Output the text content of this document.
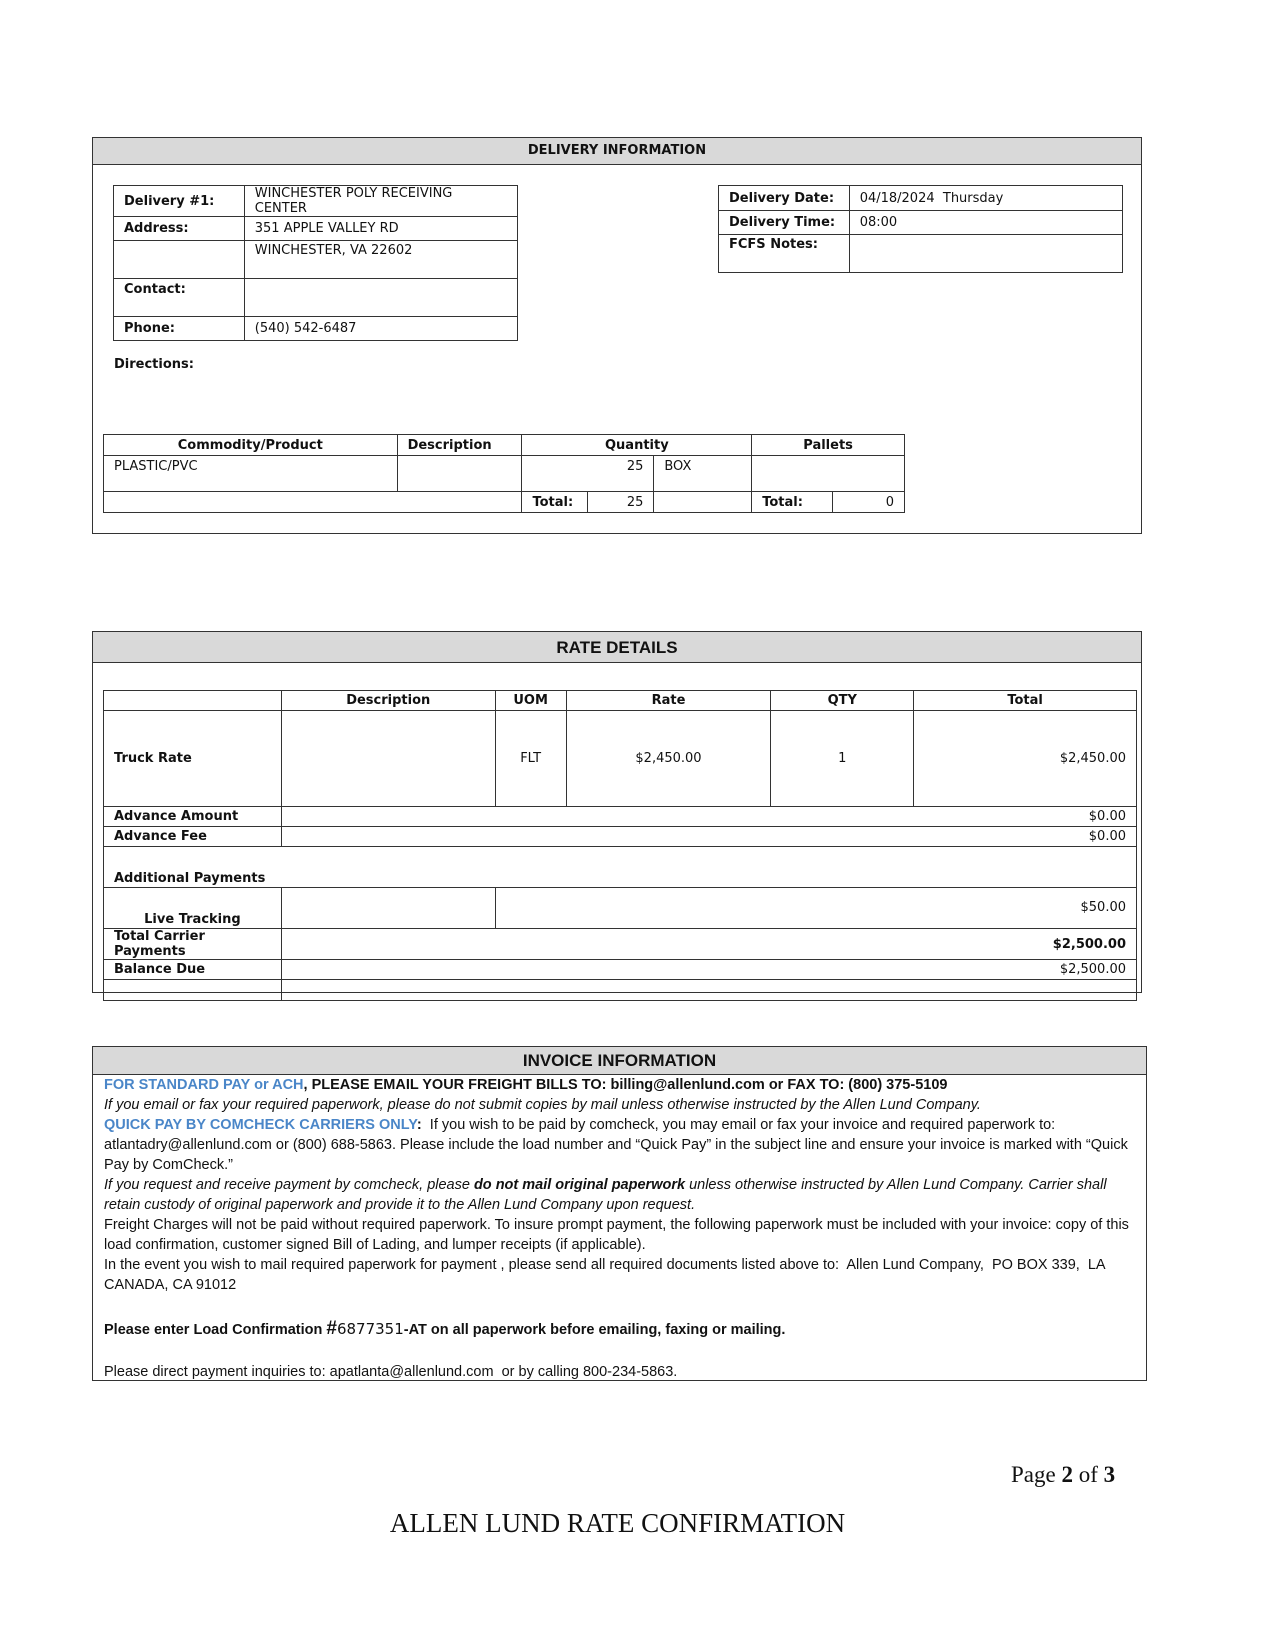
DELIVERY INFORMATION
Delivery #1:	WINCHESTER POLY RECEIVING CENTER
Address:	351 APPLE VALLEY RD
	WINCHESTER, VA 22602
Contact:	
Phone:	(540) 542-6487
Delivery Date:	04/18/2024  Thursday
Delivery Time:	08:00
FCFS Notes:	
Directions:
Commodity/Product	Description	Quantity			Pallets	
PLASTIC/PVC		25		BOX		
		Total:	25		Total:	0
RATE DETAILS
	Description	UOM	Rate	QTY	Total
Truck Rate		FLT	$2,450.00	1	$2,450.00
Advance Amount	$0.00				
Advance Fee	$0.00				
Additional Payments					
Live Tracking		$50.00			
Total Carrier Payments	$2,500.00				
Balance Due	$2,500.00				

INVOICE INFORMATION

FOR STANDARD PAY or ACH, PLEASE EMAIL YOUR FREIGHT BILLS TO: billing@allenlund.com or FAX TO: (800) 375-5109

If you email or fax your required paperwork, please do not submit copies by mail unless otherwise instructed by the Allen Lund Company.

QUICK PAY BY COMCHECK CARRIERS ONLY:  If you wish to be paid by comcheck, you may email or fax your invoice and required paperwork to: atlantadry@allenlund.com or (800) 688-5863. Please include the load number and “Quick Pay” in the subject line and ensure your invoice is marked with “Quick Pay by ComCheck.”

If you request and receive payment by comcheck, please do not mail original paperwork unless otherwise instructed by Allen Lund Company. Carrier shall retain custody of original paperwork and provide it to the Allen Lund Company upon request.

Freight Charges will not be paid without required paperwork. To insure prompt payment, the following paperwork must be included with your invoice: copy of this load confirmation, customer signed Bill of Lading, and lumper receipts (if applicable).

In the event you wish to mail required paperwork for payment , please send all required documents listed above to:  Allen Lund Company,  PO BOX 339,  LA CANADA, CA 91012

Please enter Load Confirmation #6877351-AT on all paperwork before emailing, faxing or mailing.

Please direct payment inquiries to: apatlanta@allenlund.com  or by calling 800-234-5863.

Page 2 of 3
ALLEN LUND RATE CONFIRMATION
